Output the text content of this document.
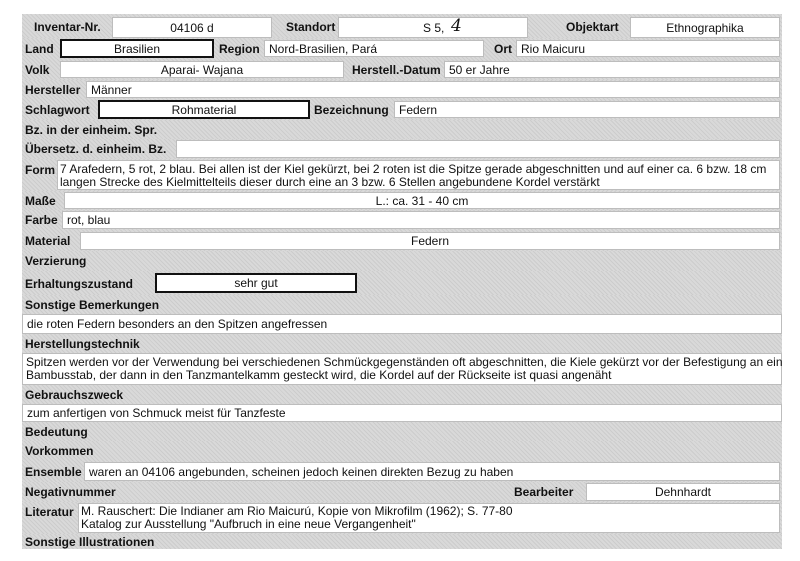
Inventar-Nr.	04106 d	Standort	S 5, 4	Objektart	Ethnographika
Land	Brasilien	Region Nord-Brasilien, Pará	Ort Rio Maicuru
Volk	Aparai- Wajana	Herstell.-Datum 50 er Jahre
Hersteller Männer
Schlagwort	Rohmaterial	Bezeichnung Federn
Bz. in der einheim. Spr.
Übersetz. d. einheim. Bz.
Form 7 Arafedern, 5 rot, 2 blau. Bei allen ist der Kiel gekürzt, bei 2 roten ist die Spitze gerade abgeschnitten und auf einer ca. 6 bzw. 18 cm
langen Strecke des Kielmittelteils dieser durch eine an 3 bzw. 6 Stellen angebundene Kordel verstärkt
Maße	L.: ca. 31 - 40 cm
Farbe rot, blau
Material	Federn
Verzierung
Erhaltungszustand	sehr gut
Sonstige Bemerkungen
die roten Federn besonders an den Spitzen angefressen
Herstellungstechnik
Spitzen werden vor der Verwendung bei verschiedenen Schmückgegenständen oft abgeschnitten, die Kiele gekürzt vor der Befestigung an ein
Bambusstab, der dann in den Tanzmantelkamm gesteckt wird, die Kordel auf der Rückseite ist quasi angenäht
Gebrauchszweck
zum anfertigen von Schmuck meist für Tanzfeste
Bedeutung
Vorkommen
Ensemble waren an 04106 angebunden, scheinen jedoch keinen direkten Bezug zu haben
Negativnummer	Bearbeiter	Dehnhardt
Literatur M. Rauschert: Die Indianer am Rio Maicurú, Kopie von Mikrofilm (1962); S. 77-80
Katalog zur Ausstellung "Aufbruch in eine neue Vergangenheit"
Sonstige Illustrationen
